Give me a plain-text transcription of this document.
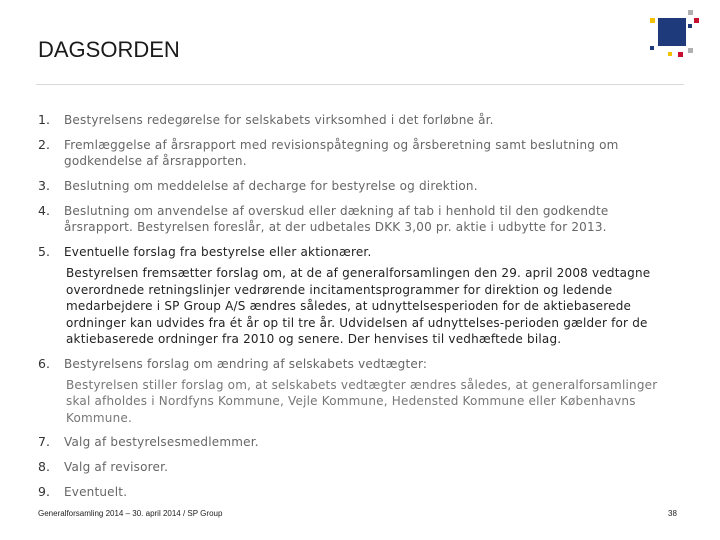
DAGSORDEN
1.	Bestyrelsens redegørelse for selskabets virksomhed i det forløbne år.
2.	Fremlæggelse af årsrapport med revisionspåtegning og årsberetning samt beslutning om godkendelse af årsrapporten.
3.	Beslutning om meddelelse af decharge for bestyrelse og direktion.
4.	Beslutning om anvendelse af overskud eller dækning af tab i henhold til den godkendte årsrapport. Bestyrelsen foreslår, at der udbetales DKK 3,00 pr. aktie i udbytte for 2013.
5.	Eventuelle forslag fra bestyrelse eller aktionærer.
Bestyrelsen fremsætter forslag om, at de af generalforsamlingen den 29. april 2008 vedtagne overordnede retningslinjer vedrørende incitamentsprogrammer for direktion og ledende medarbejdere i SP Group A/S ændres således, at udnyttelsesperioden for de aktiebaserede ordninger kan udvides fra ét år op til tre år. Udvidelsen af udnyttelses-perioden gælder for de aktiebaserede ordninger fra 2010 og senere. Der henvises til vedhæftede bilag.
6.	Bestyrelsens forslag om ændring af selskabets vedtægter:
Bestyrelsen stiller forslag om, at selskabets vedtægter ændres således, at generalforsamlinger skal afholdes i Nordfyns Kommune, Vejle Kommune, Hedensted Kommune eller Københavns Kommune.
7.	Valg af bestyrelsesmedlemmer.
8.	Valg af revisorer.
9.	Eventuelt.
Generalforsamling 2014 – 30. april 2014 / SP Group	38
